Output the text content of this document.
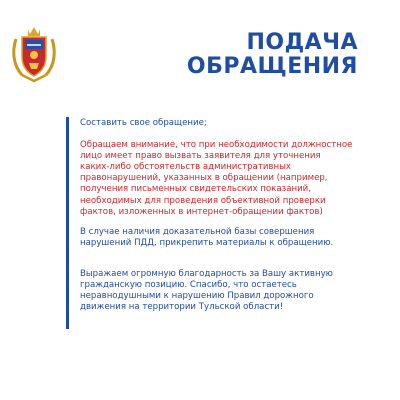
ПОДАЧА
ОБРАЩЕНИЯ
Составить свое обращение;
Обращаем внимание, что при необходимости должностное
лицо имеет право вызвать заявителя для уточнения
каких-либо обстоятельств административных
правонарушений, указанных в обращении (например,
получения письменных свидетельских показаний,
необходимых для проведения объективной проверки
фактов, изложенных в интернет-обращении фактов)
В случае наличия доказательной базы совершения
нарушений ПДД, прикрепить материалы к обращению.
Выражаем огромную благодарность за Вашу активную
гражданскую позицию. Спасибо, что остаетесь
неравнодушными к нарушению Правил дорожного
движения на территории Тульской области!
